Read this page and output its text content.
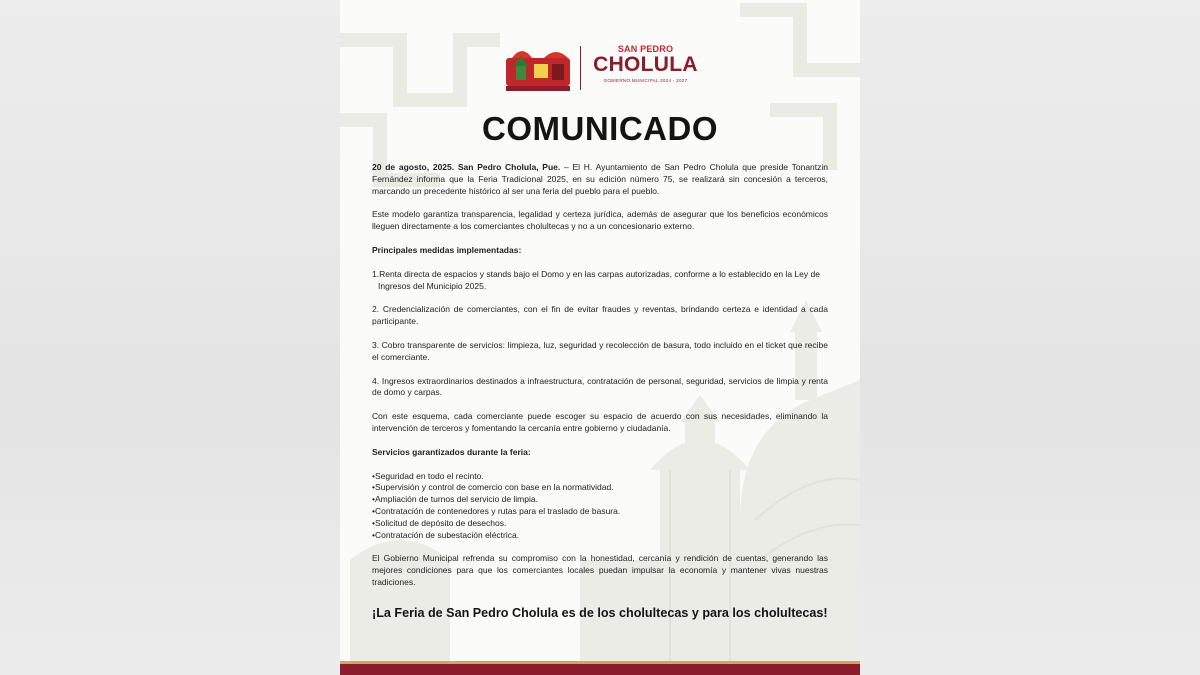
SAN PEDRO
CHOLULA
GOBIERNO MUNICIPAL 2024 - 2027
COMUNICADO

20 de agosto, 2025. San Pedro Cholula, Pue. – El H. Ayuntamiento de San Pedro Cholula que preside Tonantzin Fernández informa que la Feria Tradicional 2025, en su edición número 75, se realizará sin concesión a terceros, marcando un precedente histórico al ser una feria del pueblo para el pueblo.

Este modelo garantiza transparencia, legalidad y certeza jurídica, además de asegurar que los beneficios económicos lleguen directamente a los comerciantes cholultecas y no a un concesionario externo.

Principales medidas implementadas:
1.Renta directa de espacios y stands bajo el Domo y en las carpas autorizadas, conforme a lo establecido en la Ley de Ingresos del Municipio 2025.
2. Credencialización de comerciantes, con el fin de evitar fraudes y reventas, brindando certeza e identidad a cada participante.
3. Cobro transparente de servicios: limpieza, luz, seguridad y recolección de basura, todo incluido en el ticket que recibe el comerciante.
4. Ingresos extraordinarios destinados a infraestructura, contratación de personal, seguridad, servicios de limpia y renta de domo y carpas.

Con este esquema, cada comerciante puede escoger su espacio de acuerdo con sus necesidades, eliminando la intervención de terceros y fomentando la cercanía entre gobierno y ciudadanía.

Servicios garantizados durante la feria:
•Seguridad en todo el recinto.
•Supervisión y control de comercio con base en la normatividad.
•Ampliación de turnos del servicio de limpia.
•Contratación de contenedores y rutas para el traslado de basura.
•Solicitud de depósito de desechos.
•Contratación de subestación eléctrica.

El Gobierno Municipal refrenda su compromiso con la honestidad, cercanía y rendición de cuentas, generando las mejores condiciones para que los comerciantes locales puedan impulsar la economía y mantener vivas nuestras tradiciones.

¡La Feria de San Pedro Cholula es de los cholultecas y para los cholultecas!
